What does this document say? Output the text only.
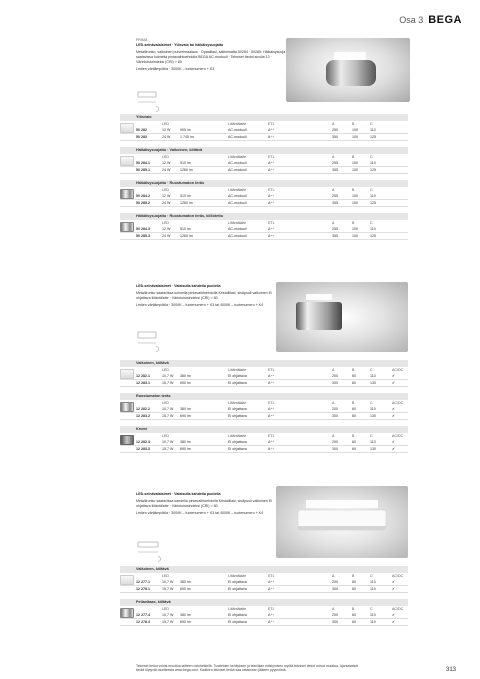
Osa 3 BEGA
PRIMA
LED-seinävalaisimet · Ylösvalo tai häikäisysuojattu
Metallirunko, valkoinen pulverimaalaus · Opaalilasi, satiinimatta 50284 · 50285: Häikäisysuoja saatavissa kolmella pintavaihtoehdolla BEGA AC-moduuli · Tekniset tiedot sivulla 13 · Värintoistoindeksi (CRI) > 80
Ledien värilämpötila · 3000K – tuotenumero + K3
Ylösvalo
LED	Liitäntälaite	ETL	A	B	C
50 282	12 W	905 lm	AC-moduuli	A⁺⁺	250	100	110
50 283	24 W	1 745 lm	AC-moduuli	A⁺⁺	350	100	125
Häikäisysuojattu · Valkoinen, kiiltävä
LED	Liitäntälaite	ETL	A	B	C
50 284.1	12 W	510 lm	AC-moduuli	A⁺⁺	255	100	110
50 285.1	24 W	1260 lm	AC-moduuli	A⁺⁺	355	100	125
Häikäisysuojattu · Ruostumaton teräs
LED	Liitäntälaite	ETL	A	B	C
50 284.2	12 W	510 lm	AC-moduuli	A⁺⁺	255	100	110
50 285.2	24 W	1260 lm	AC-moduuli	A⁺⁺	355	100	125
Häikäisysuojattu · Ruostumaton teräs, kiillotettu
LED	Liitäntälaite	ETL	A	B	C
50 284.3	12 W	510 lm	AC-moduuli	A⁺⁺	255	100	110
50 285.3	24 W	1260 lm	AC-moduuli	A⁺⁺	355	100	125
LED-seinävalaisimet · Valaisulla kahdella puolella
Metallirunko saatavissa kolmella pintavaihtoehdolla Kristallilasi, sisäpuoli valkoinen Ei ohjattava liitäntälaite · Värintoistoindeksi (CRI) > 80
Ledien värilämpötila · 3000K – tuotenumero + K3 tai 4000K – tuotenumero + K4
Valkoinen, kiiltävä
LED	Liitäntälaite	ETL	A	B	C	AC/DC
12 282.1	10,7 W 380 lm	Ei ohjattava	A⁺⁺	200	60	110	✔
12 283.1	15,7 W 690 lm	Ei ohjattava	A⁺⁺	300	60	130	✔
Ruostumaton teräs
LED	Liitäntälaite	ETL	A	B	C	AC/DC
12 282.2	10,7 W 380 lm	Ei ohjattava	A⁺⁺	200	60	110	✔
12 283.2	15,7 W 690 lm	Ei ohjattava	A⁺⁺	300	60	130	✔
Kromi
LED	Liitäntälaite	ETL	A	B	C	AC/DC
12 282.3	10,7 W 380 lm	Ei ohjattava	A⁺⁺	200	60	110	✔
12 283.3	15,7 W 690 lm	Ei ohjattava	A⁺⁺	300	60	130	✔
LED-seinävalaisimet · Valaisulla kahdella puolella
Metallirunko saatavissa kahdella pintavaihtoehdolla Kristallilasi, sisäpuoli valkoinen Ei ohjattava liitäntälaite · Värintoistoindeksi (CRI) > 80
Ledien värilämpötila · 3000K – tuotenumero + K3 tai 4000K – tuotenumero + K4
Valkoinen, kiiltävä
LED	Liitäntälaite	ETL	A	B	C	AC/DC
12 277.1	10,7 W 380 lm	Ei ohjattava	A⁺⁺	200	60	110	✔
12 278.1	15,7 W 690 lm	Ei ohjattava	A⁺⁺	300	60	110	✔
Pellavitaas, kiiltävä
LED	Liitäntälaite	ETL	A	B	C	AC/DC
12 277.4	10,7 W 380 lm	Ei ohjattava	A⁺⁺	200	60	110	✔
12 278.4	15,7 W 690 lm	Ei ohjattava	A⁺⁺	300	60	110	✔
Tekniset tiedot voivat muuttua laitteen ostohetkellä. Tuotteiden kehityksen ja tekniikan edistymisen myötä tekniset tiedot voivat muuttua. Ajantasaiset tiedot löytyvät osoitteesta www.bega.com. Kaikkien tekniset tiedot saa ostamisen jälkeen pyynnöstä.	313
